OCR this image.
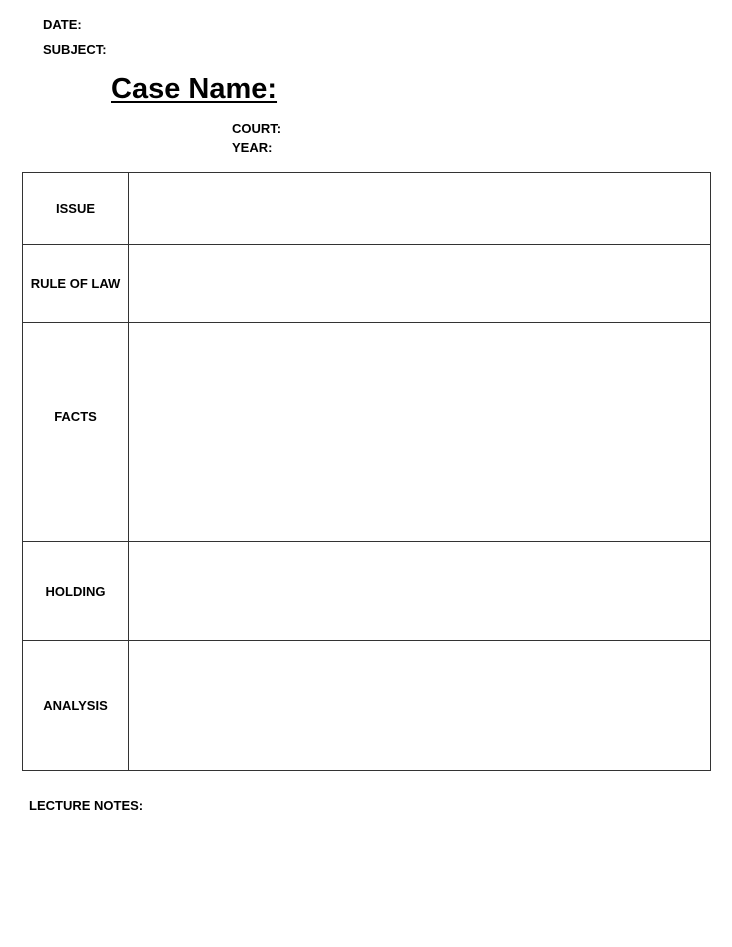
DATE:
SUBJECT:
Case Name:
COURT:
YEAR:
ISSUE	
RULE OF LAW	
FACTS	
HOLDING	
ANALYSIS	
LECTURE NOTES:
